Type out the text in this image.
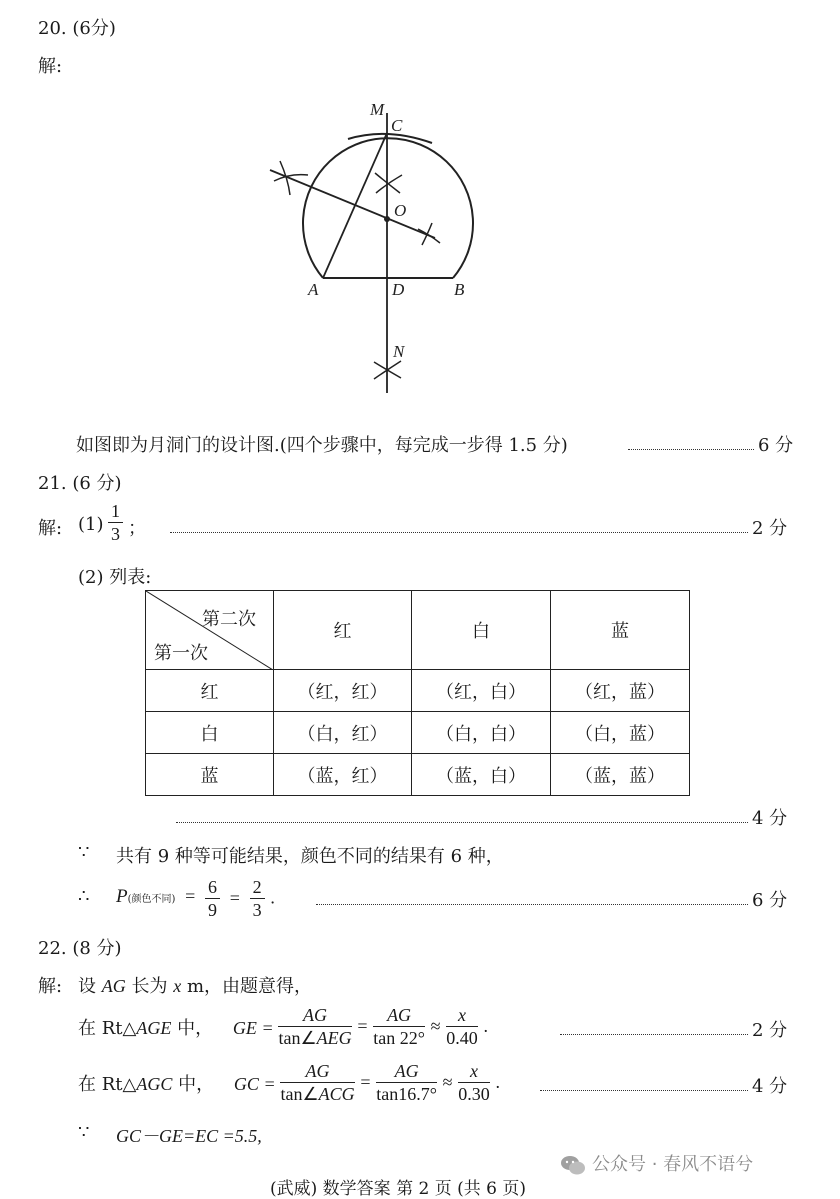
20. (6分)
解:
M
C
O
A	D	B
N
如图即为月洞门的设计图.(四个步骤中，每完成一步得 1.5 分)	6 分
21. (6 分)
解: $(1) \frac{1}{3}$ ；	2 分
(2) 列表:
第二次
第一次	红	白	蓝
红	（红，红）	（红，白）	（红，蓝）
白	（白，红）	（白，白）	（白，蓝）
蓝	（蓝，红）	（蓝，白）	（蓝，蓝）
4 分
∵ 共有 9 种等可能结果，颜色不同的结果有 6 种，
∴ P(颜色不同) = $\frac{6}{9} = \frac{2}{3}$ .	6 分
22. (8 分)
解: 设 AG 长为 x m，由题意得，
在 Rt△AGE 中， GE = $\frac{AG}{\text{tan∠AEG}} = \frac{AG}{\tan 22^\circ} \approx \frac{x}{0.40}$ .	2 分
在 Rt△AGC 中， GC = $\frac{AG}{\text{tan∠ACG}} = \frac{AG}{\tan 16.7^\circ} \approx \frac{x}{0.30}$ .	4 分
∵ GC－GE=EC =5.5,
(武威) 数学答案 第 2 页 (共 6 页)
公众号 · 春风不语兮
